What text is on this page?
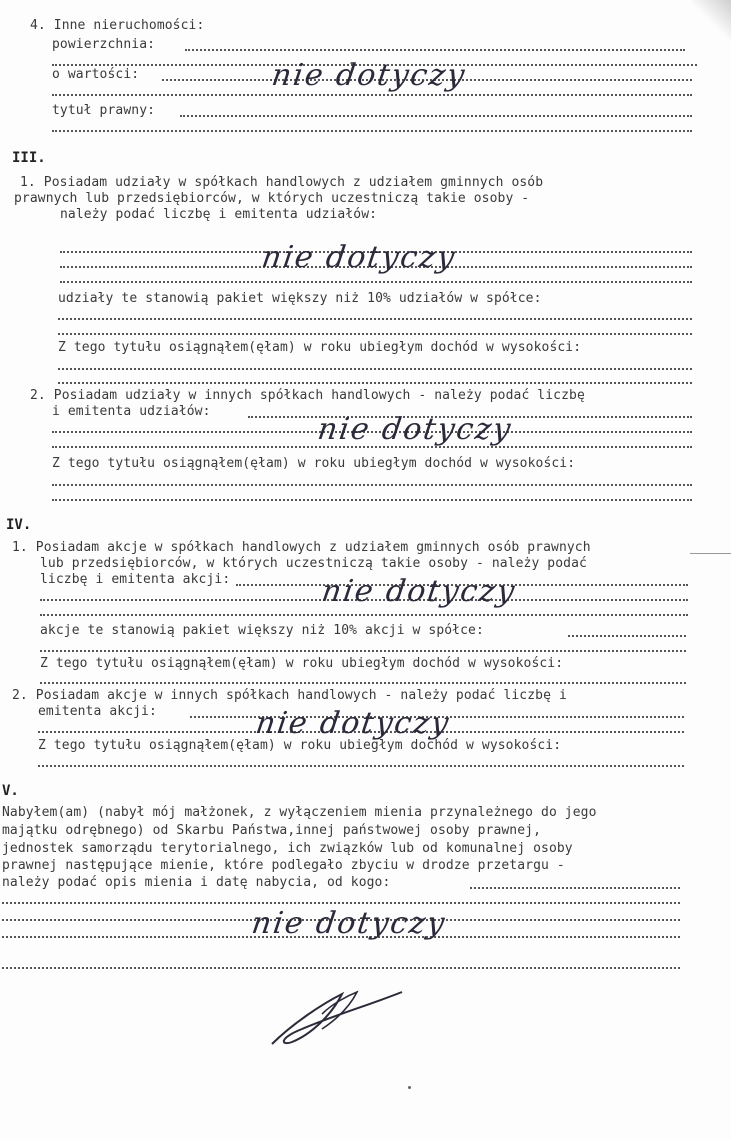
4. Inne nieruchomości:
powierzchnia:
o wartości:
tytuł prawny:
nie dotyczy
III.
1. Posiadam udziały w spółkach handlowych z udziałem gminnych osób
prawnych lub przedsiębiorców, w których uczestniczą takie osoby -
należy podać liczbę i emitenta udziałów:
nie dotyczy
udziały te stanowią pakiet większy niż 10% udziałów w spółce:
Z tego tytułu osiągnąłem(ęłam) w roku ubiegłym dochód w wysokości:
2. Posiadam udziały w innych spółkach handlowych - należy podać liczbę
i emitenta udziałów:
nie dotyczy
Z tego tytułu osiągnąłem(ęłam) w roku ubiegłym dochód w wysokości:
IV.
1. Posiadam akcje w spółkach handlowych z udziałem gminnych osób prawnych
lub przedsiębiorców, w których uczestniczą takie osoby - należy podać
liczbę i emitenta akcji:	nie dotyczy
akcje te stanowią pakiet większy niż 10% akcji w spółce:
Z tego tytułu osiągnąłem(ęłam) w roku ubiegłym dochód w wysokości:
2. Posiadam akcje w innych spółkach handlowych - należy podać liczbę i
emitenta akcji:	nie dotyczy
Z tego tytułu osiągnąłem(ęłam) w roku ubiegłym dochód w wysokości:
V.
Nabyłem(am) (nabył mój małżonek, z wyłączeniem mienia przynależnego do jego
majątku odrębnego) od Skarbu Państwa,innej państwowej osoby prawnej,
jednostek samorządu terytorialnego, ich związków lub od komunalnej osoby
prawnej następujące mienie, które podlegało zbyciu w drodze przetargu -
należy podać opis mienia i datę nabycia, od kogo:
nie dotyczy
